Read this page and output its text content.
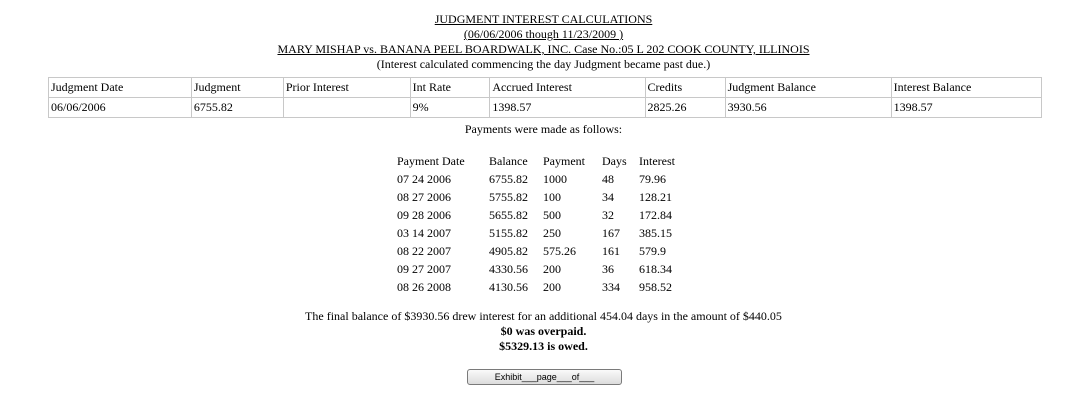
JUDGMENT INTEREST CALCULATIONS
(06/06/2006 though 11/23/2009 )
MARY MISHAP vs. BANANA PEEL BOARDWALK, INC. Case No.:05 L 202 COOK COUNTY, ILLINOIS
(Interest calculated commencing the day Judgment became past due.)
Judgment Date	Judgment	Prior Interest	Int Rate	Accrued Interest	Credits	Judgment Balance	Interest Balance
06/06/2006	6755.82		9%	1398.57	2825.26	3930.56	1398.57
Payments were made as follows:
Payment Date	Balance	Payment	Days	Interest
07 24 2006	6755.82	1000	48	79.96
08 27 2006	5755.82	100	34	128.21
09 28 2006	5655.82	500	32	172.84
03 14 2007	5155.82	250	167	385.15
08 22 2007	4905.82	575.26	161	579.9
09 27 2007	4330.56	200	36	618.34
08 26 2008	4130.56	200	334	958.52
The final balance of $3930.56 drew interest for an additional 454.04 days in the amount of $440.05
$0 was overpaid.
$5329.13 is owed.
Exhibit___page___of___
